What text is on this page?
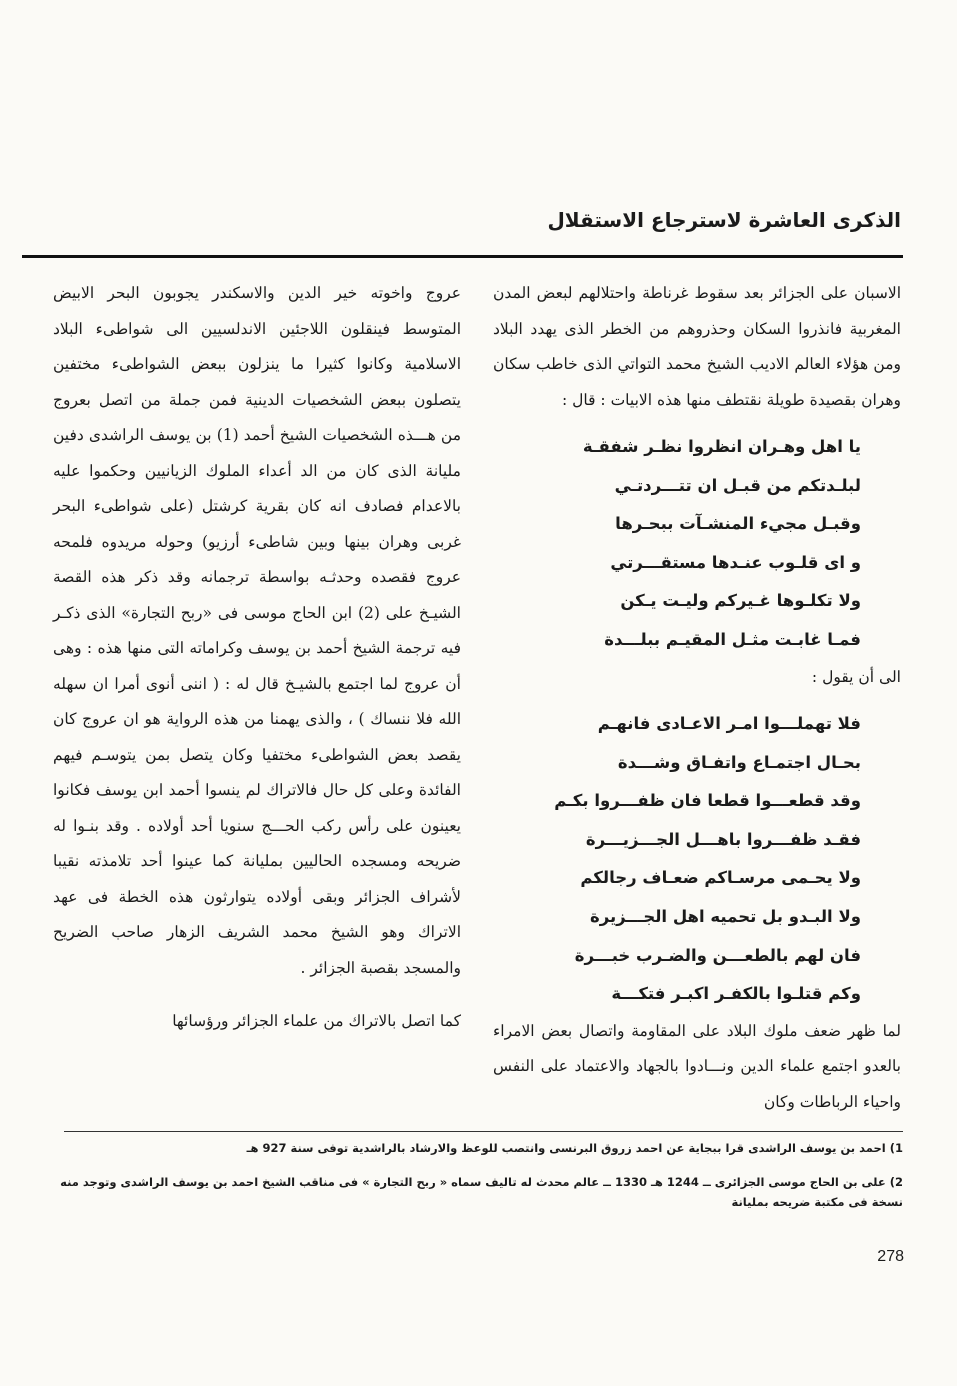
الذكرى العاشرة لاسترجاع الاستقلال

الاسبان على الجزائر بعد سقوط غرناطة واحتلالهم لبعض المدن المغربية فانذروا السكان وحذروهم من الخطر الذى يهدد البلاد ومن هؤلاء العالم الاديب الشيخ محمد التواتي الذى خاطب سكان وهران بقصيدة طويلة نقتطف منها هذه الابيات : قال :

يا اهل وهـران انظروا نظـر شفقـة
لبلـدتكم من قبـل ان تتـــردتـي
وقبـل مجيء المنشـآت ببحـرها
و اى قلـوب عنـدها مستقـــرتي
ولا تكلـوها غـيركم وليـت يـكن
فمـا غابـت مثـل المقيـم ببلـــدة

الى أن يقول :

فلا تهملـــوا امـر الاعـادى فانهـم
بحـال اجتمـاع واتفـاق وشـــدة
وقد قطعـــوا قطعا فان ظفـــروا بكـم
فقـد ظفـــروا باهـــل الجـــزيـــرة
ولا يحـمى مرسـاكم ضعـاف رجالكم
ولا البـدو بل تحميه اهل الجـــزيرة
فان لهم بالطعـــن والضـرب خبـــرة
وكم قتلـوا بالكفـر اكبـر فتكـــة

لما ظهر ضعف ملوك البلاد على المقاومة واتصال بعض الامراء بالعدو اجتمع علماء الدين ونـــادوا بالجهاد والاعتماد على النفس واحياء الرباطات وكان

عروج واخوته خير الدين والاسكندر يجوبون البحر الابيض المتوسط فينقلون اللاجئين الاندلسيين الى شواطىء البلاد الاسلامية وكانوا كثيرا ما ينزلون ببعض الشواطىء مختفين يتصلون ببعض الشخصيات الدينية فمن جملة من اتصل بعروج من هـــذه الشخصيات الشيخ أحمد (1) بن يوسف الراشدى دفين مليانة الذى كان من الد أعداء الملوك الزيانيين وحكموا عليه بالاعدام فصادف انه كان بقرية كرشتل (على شواطىء البحر غربى وهران بينها وبين شاطىء أرزيو) وحوله مريدوه فلمحه عروج فقصده وحدثـه بواسطة ترجمانه وقد ذكر هذه القصة الشيـخ على (2) ابن الحاج موسى فى «ربح التجارة» الذى ذكـر فيه ترجمة الشيخ أحمد بن يوسف وكراماته التى منها هذه : وهى أن عروج لما اجتمع بالشيـخ قال له : ( اننى أنوى أمرا ان سهله الله فلا ننساك ) ، والذى يهمنا من هذه الرواية هو ان عروج كان يقصد بعض الشواطىء مختفيا وكان يتصل بمن يتوسـم فيهم الفائدة وعلى كل حال فالاتراك لم ينسوا أحمد ابن يوسف فكانوا يعينون على رأس ركب الحـــج سنويا أحد أولاده . وقد بنـوا له ضريحه ومسجده الحاليين بمليانة كما عينوا أحد تلامذته نقيبا لأشراف الجزائر وبقى أولاده يتوارثون هذه الخطة فى عهد الاتراك وهو الشيخ محمد الشريف الزهار صاحب الضريح والمسجد بقصبة الجزائر .

كما اتصل بالاتراك من علماء الجزائر ورؤسائها

1) احمد بن يوسف الراشدى قرا ببجاية عن احمد زروق البرنسى وانتصب للوعظ والارشاد بالراشدية توفى سنة 927 هـ

2) على بن الحاج موسى الجزائرى ــ 1244 هـ 1330 ــ عالم محدث له تاليف سماه « ربح التجارة » فى مناقب الشيخ احمد بن يوسف الراشدى وتوجد منه نسخة فى مكتبة ضريحه بمليانة

278
